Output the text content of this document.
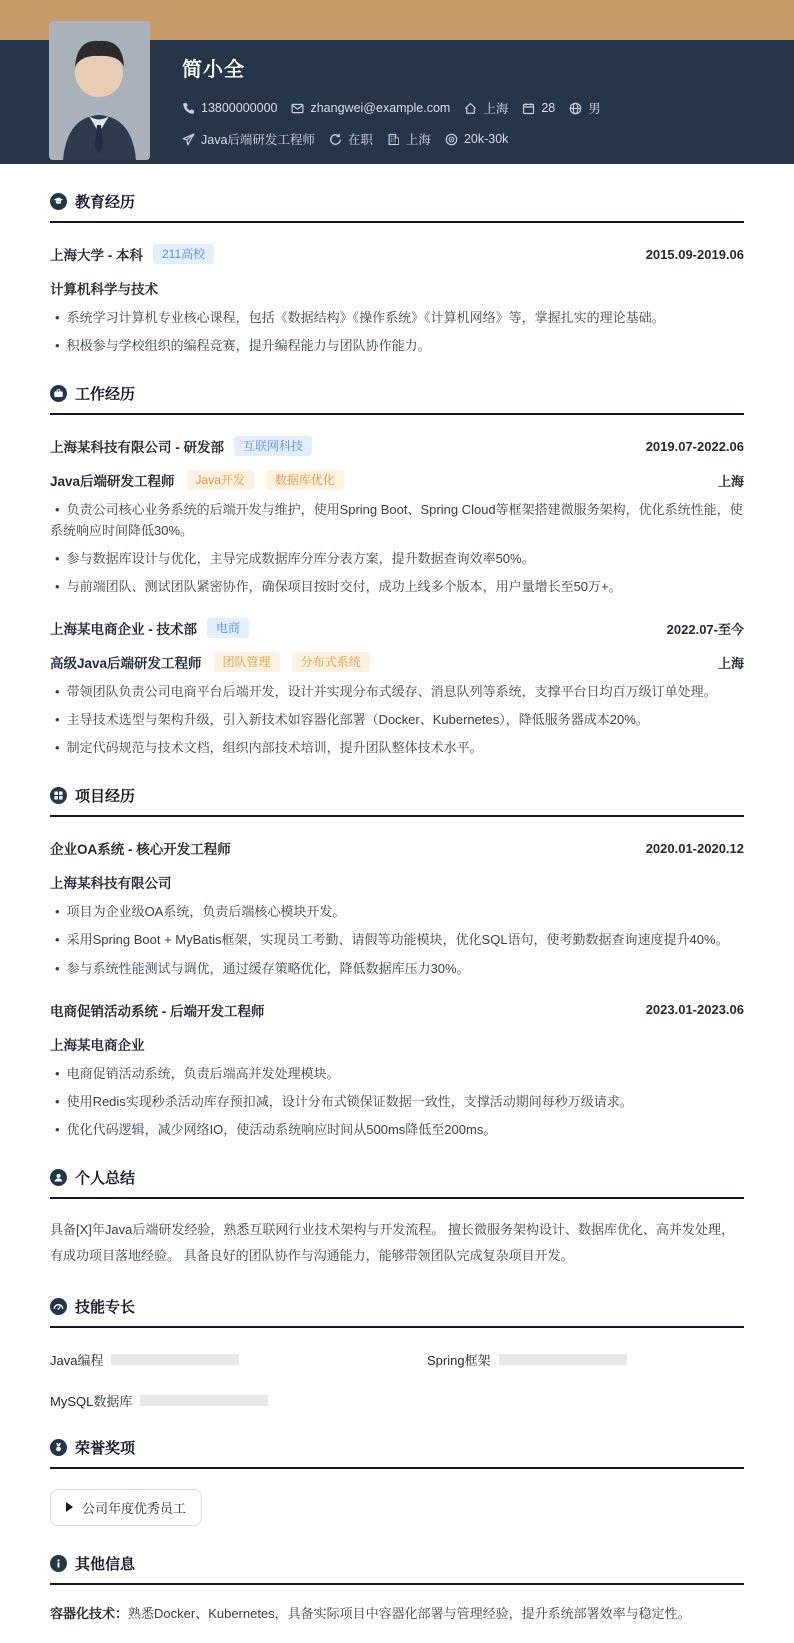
简小全
13800000000	zhangwei@example.com	上海	28	男
Java后端研发工程师	在职	上海	20k-30k
教育经历
上海大学 - 本科	211高校	2015.09-2019.06
计算机科学与技术

• 系统学习计算机专业核心课程，包括《数据结构》《操作系统》《计算机网络》等，掌握扎实的理论基础。

• 积极参与学校组织的编程竞赛，提升编程能力与团队协作能力。

工作经历
上海某科技有限公司 - 研发部	互联网科技	2019.07-2022.06
Java后端研发工程师	Java开发	数据库优化	上海

• 负责公司核心业务系统的后端开发与维护，使用Spring Boot、Spring Cloud等框架搭建微服务架构，优化系统性能，使系统响应时间降低30%。

• 参与数据库设计与优化，主导完成数据库分库分表方案，提升数据查询效率50%。

• 与前端团队、测试团队紧密协作，确保项目按时交付，成功上线多个版本，用户量增长至50万+。

上海某电商企业 - 技术部	电商	2022.07-至今
高级Java后端研发工程师	团队管理	分布式系统	上海

• 带领团队负责公司电商平台后端开发，设计并实现分布式缓存、消息队列等系统，支撑平台日均百万级订单处理。

• 主导技术选型与架构升级，引入新技术如容器化部署（Docker、Kubernetes），降低服务器成本20%。

• 制定代码规范与技术文档，组织内部技术培训，提升团队整体技术水平。

项目经历
企业OA系统 - 核心开发工程师	2020.01-2020.12
上海某科技有限公司

• 项目为企业级OA系统，负责后端核心模块开发。

• 采用Spring Boot + MyBatis框架，实现员工考勤、请假等功能模块，优化SQL语句，使考勤数据查询速度提升40%。

• 参与系统性能测试与调优，通过缓存策略优化，降低数据库压力30%。

电商促销活动系统 - 后端开发工程师	2023.01-2023.06
上海某电商企业

• 电商促销活动系统，负责后端高并发处理模块。

• 使用Redis实现秒杀活动库存预扣减，设计分布式锁保证数据一致性，支撑活动期间每秒万级请求。

• 优化代码逻辑，减少网络IO，使活动系统响应时间从500ms降低至200ms。

个人总结

具备[X]年Java后端研发经验，熟悉互联网行业技术架构与开发流程。 擅长微服务架构设计、数据库优化、高并发处理，有成功项目落地经验。 具备良好的团队协作与沟通能力，能够带领团队完成复杂项目开发。

技能专长
Java编程	Spring框架
MySQL数据库
荣誉奖项
公司年度优秀员工
其他信息

容器化技术：熟悉Docker、Kubernetes，具备实际项目中容器化部署与管理经验，提升系统部署效率与稳定性。
